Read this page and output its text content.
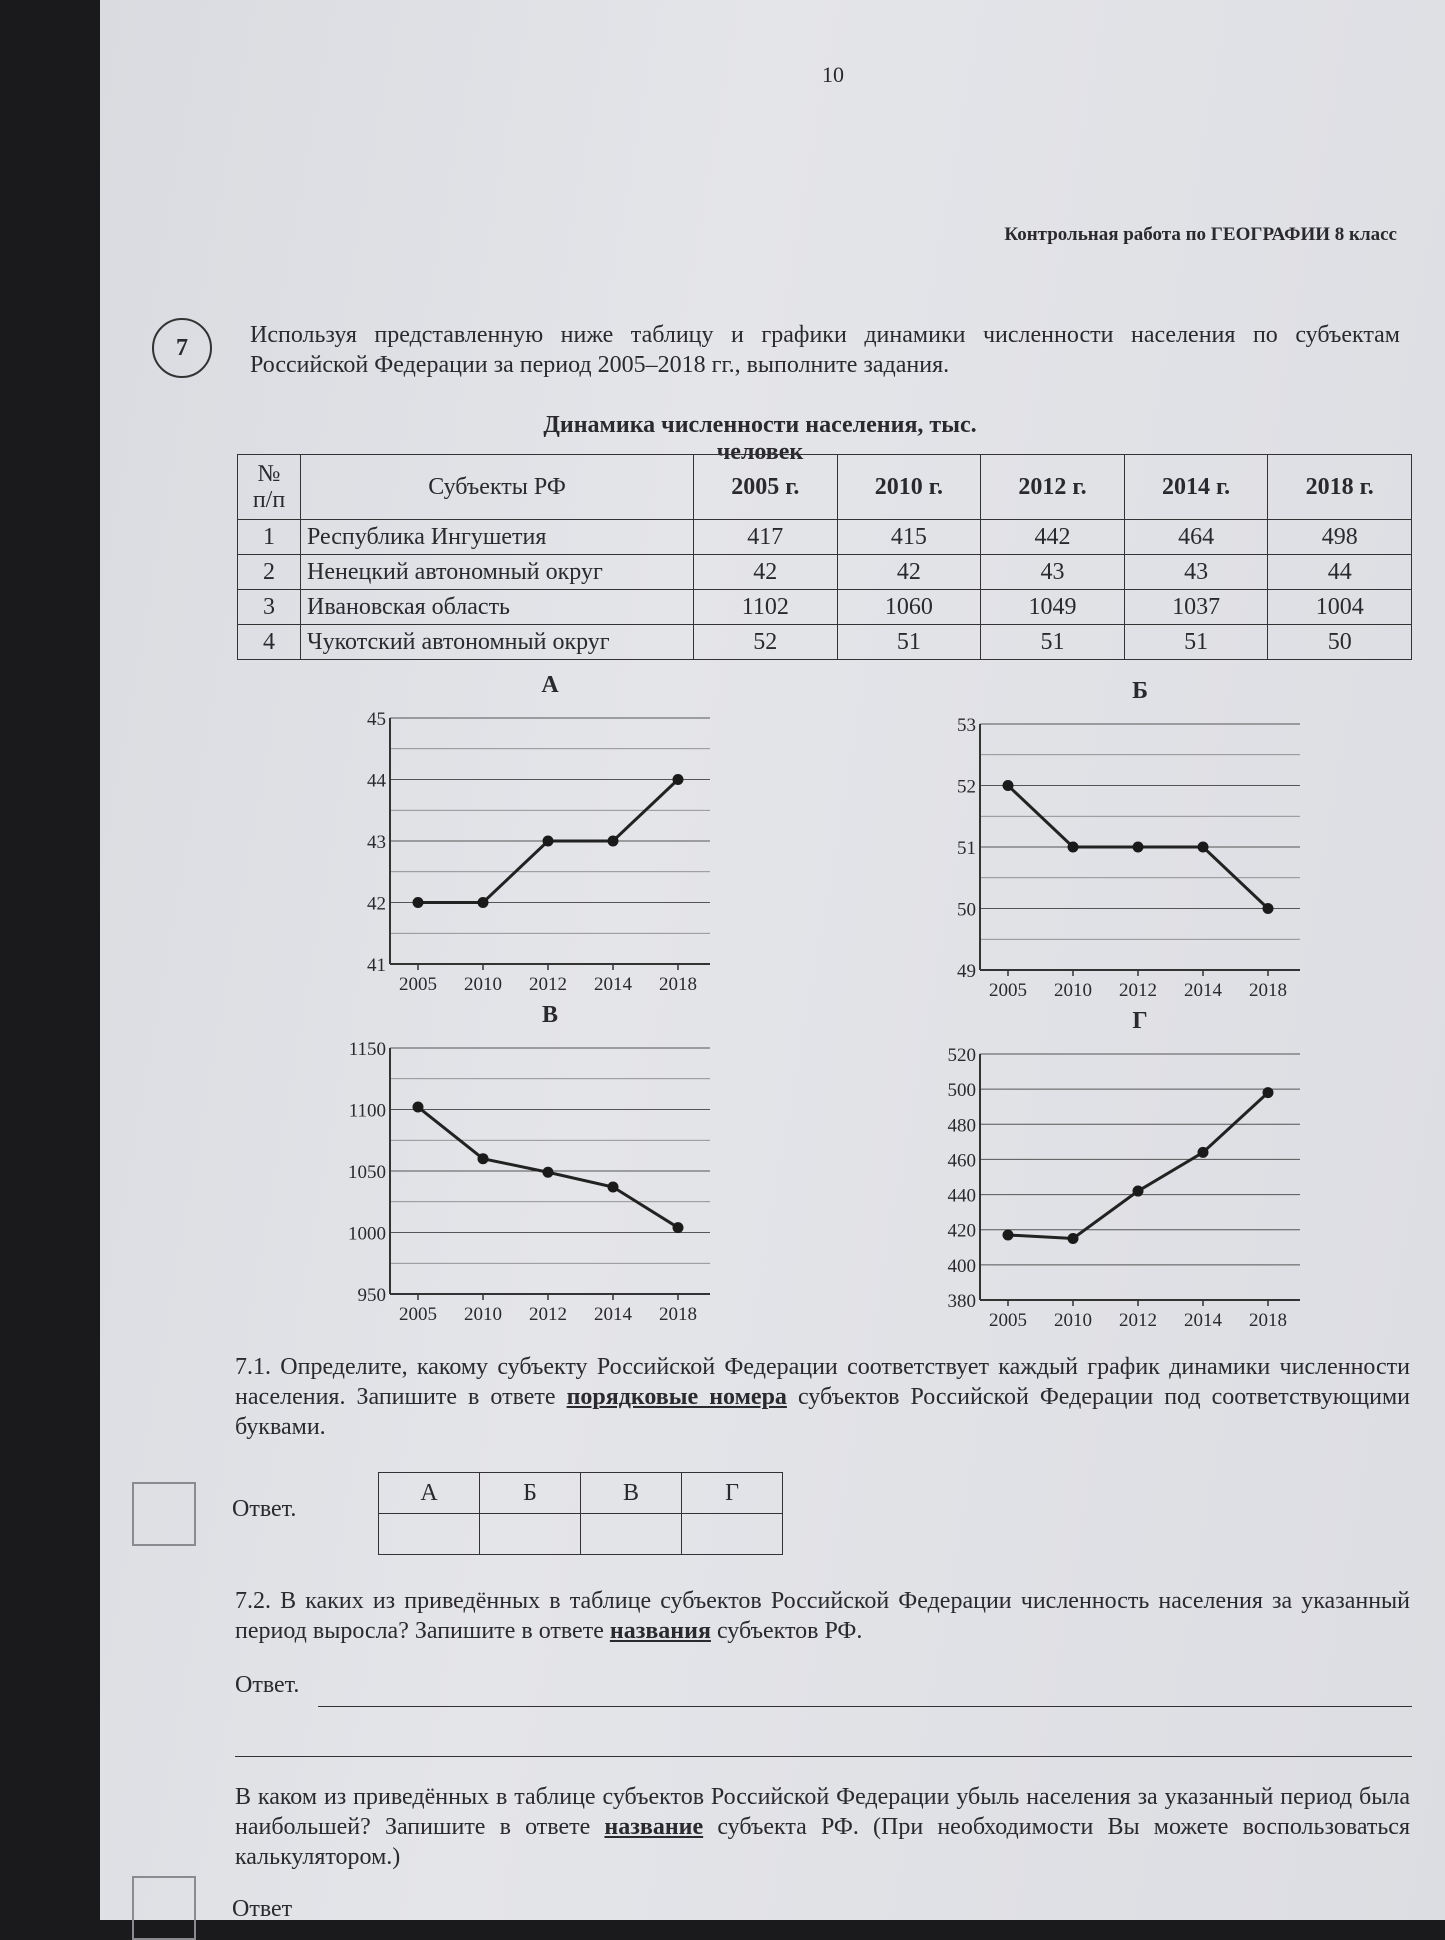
10
Контрольная работа по ГЕОГРАФИИ 8 класс
7	Используя представленную ниже таблицу и графики динамики численности населения по субъектам Российской Федерации за период 2005–2018 гг., выполните задания.
Динамика численности населения, тыс. человек
№
п/п	Субъекты РФ	2005 г.	2010 г.	2012 г.	2014 г.	2018 г.
1	Республика Ингушетия	417	415	442	464	498
2	Ненецкий автономный округ	42	42	43	43	44
3	Ивановская область	1102	1060	1049	1037	1004
4	Чукотский автономный округ	52	51	51	51	50
А
41
42
43
44
45
2005 2010 2012 2014 2018
Б
49
50
51
52
53
2005 2010 2012 2014 2018
В
950
1000
1050
1100
1150
2005 2010 2012 2014 2018
Г
380
400
420
440
460
480
500
520
2005 2010 2012 2014 2018
7.1. Определите, какому субъекту Российской Федерации соответствует каждый график динамики численности населения. Запишите в ответе порядковые номера субъектов Российской Федерации под соответствующими буквами.
Ответ.
А	Б	В	Г

7.2. В каких из приведённых в таблице субъектов Российской Федерации численность населения за указанный период выросла? Запишите в ответе названия субъектов РФ.
Ответ.
В каком из приведённых в таблице субъектов Российской Федерации убыль населения за указанный период была наибольшей? Запишите в ответе название субъекта РФ. (При необходимости Вы можете воспользоваться калькулятором.)
Ответ
